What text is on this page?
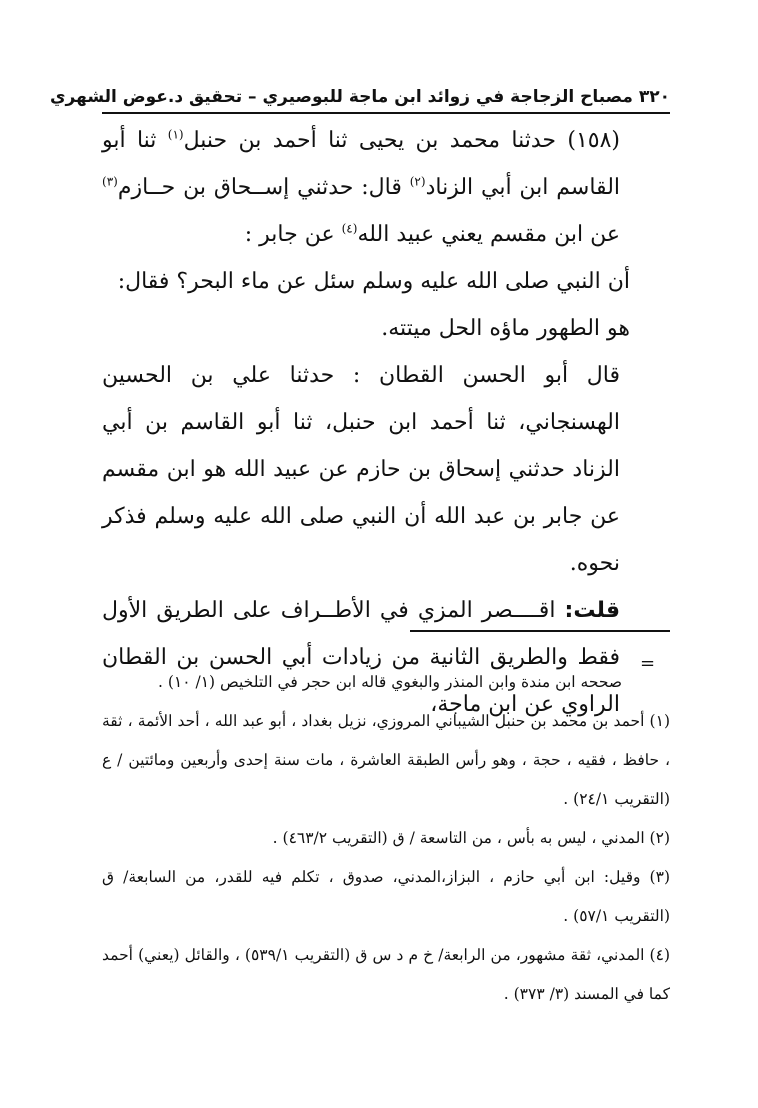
٣٢٠ مصباح الزجاجة في زوائد ابن ماجة للبوصيري – تحقيق د.عوض الشهري

(١٥٨) حدثنا محمد بن يحيى ثنا أحمد بن حنبل$^{(١)}$ ثنا أبو القاسم ابن أبي الزناد$^{(٢)}$ قال: حدثني إســحاق بن حــازم$^{(٣)}$ عن ابن مقسم يعني عبيد الله$^{(٤)}$ عن جابر :

أن النبي صلى الله عليه وسلم سئل عن ماء البحر؟ فقال:

هو الطهور ماؤه الحل ميتته.

قال أبو الحسن القطان : حدثنا علي بن الحسين الهسنجاني، ثنا أحمد ابن حنبل، ثنا أبو القاسم بن أبي الزناد حدثني إسحاق بن حازم عن عبيد الله هو ابن مقسم عن جابر بن عبد الله أن النبي صلى الله عليه وسلم فذكر نحوه.

قلت: اقــــصر المزي في الأطــراف على الطريق الأول فقط والطريق الثانية من زيادات أبي الحسن بن القطان الراوي عن ابن ماجة،

=

صححه ابن مندة وابن المنذر والبغوي قاله ابن حجر في التلخيص (١/ ١٠) .

(١) أحمد بن محمد بن حنبل الشيباني المروزي، نزيل بغداد ، أبو عبد الله ، أحد الأئمة ، ثقة ، حافظ ، فقيه ، حجة ، وهو رأس الطبقة العاشرة ، مات سنة إحدى وأربعين ومائتين / ع (التقريب ٢٤/١) .

(٢) المدني ، ليس به بأس ، من التاسعة / ق (التقريب ٤٦٣/٢) .

(٣) وقيل: ابن أبي حازم ، البزاز،المدني، صدوق ، تكلم فيه للقدر، من السابعة/ ق (التقريب ٥٧/١) .

(٤) المدني، ثقة مشهور، من الرابعة/ خ م د س ق (التقريب ٥٣٩/١) ، والقائل (يعني) أحمد كما في المسند (٣/ ٣٧٣) .
